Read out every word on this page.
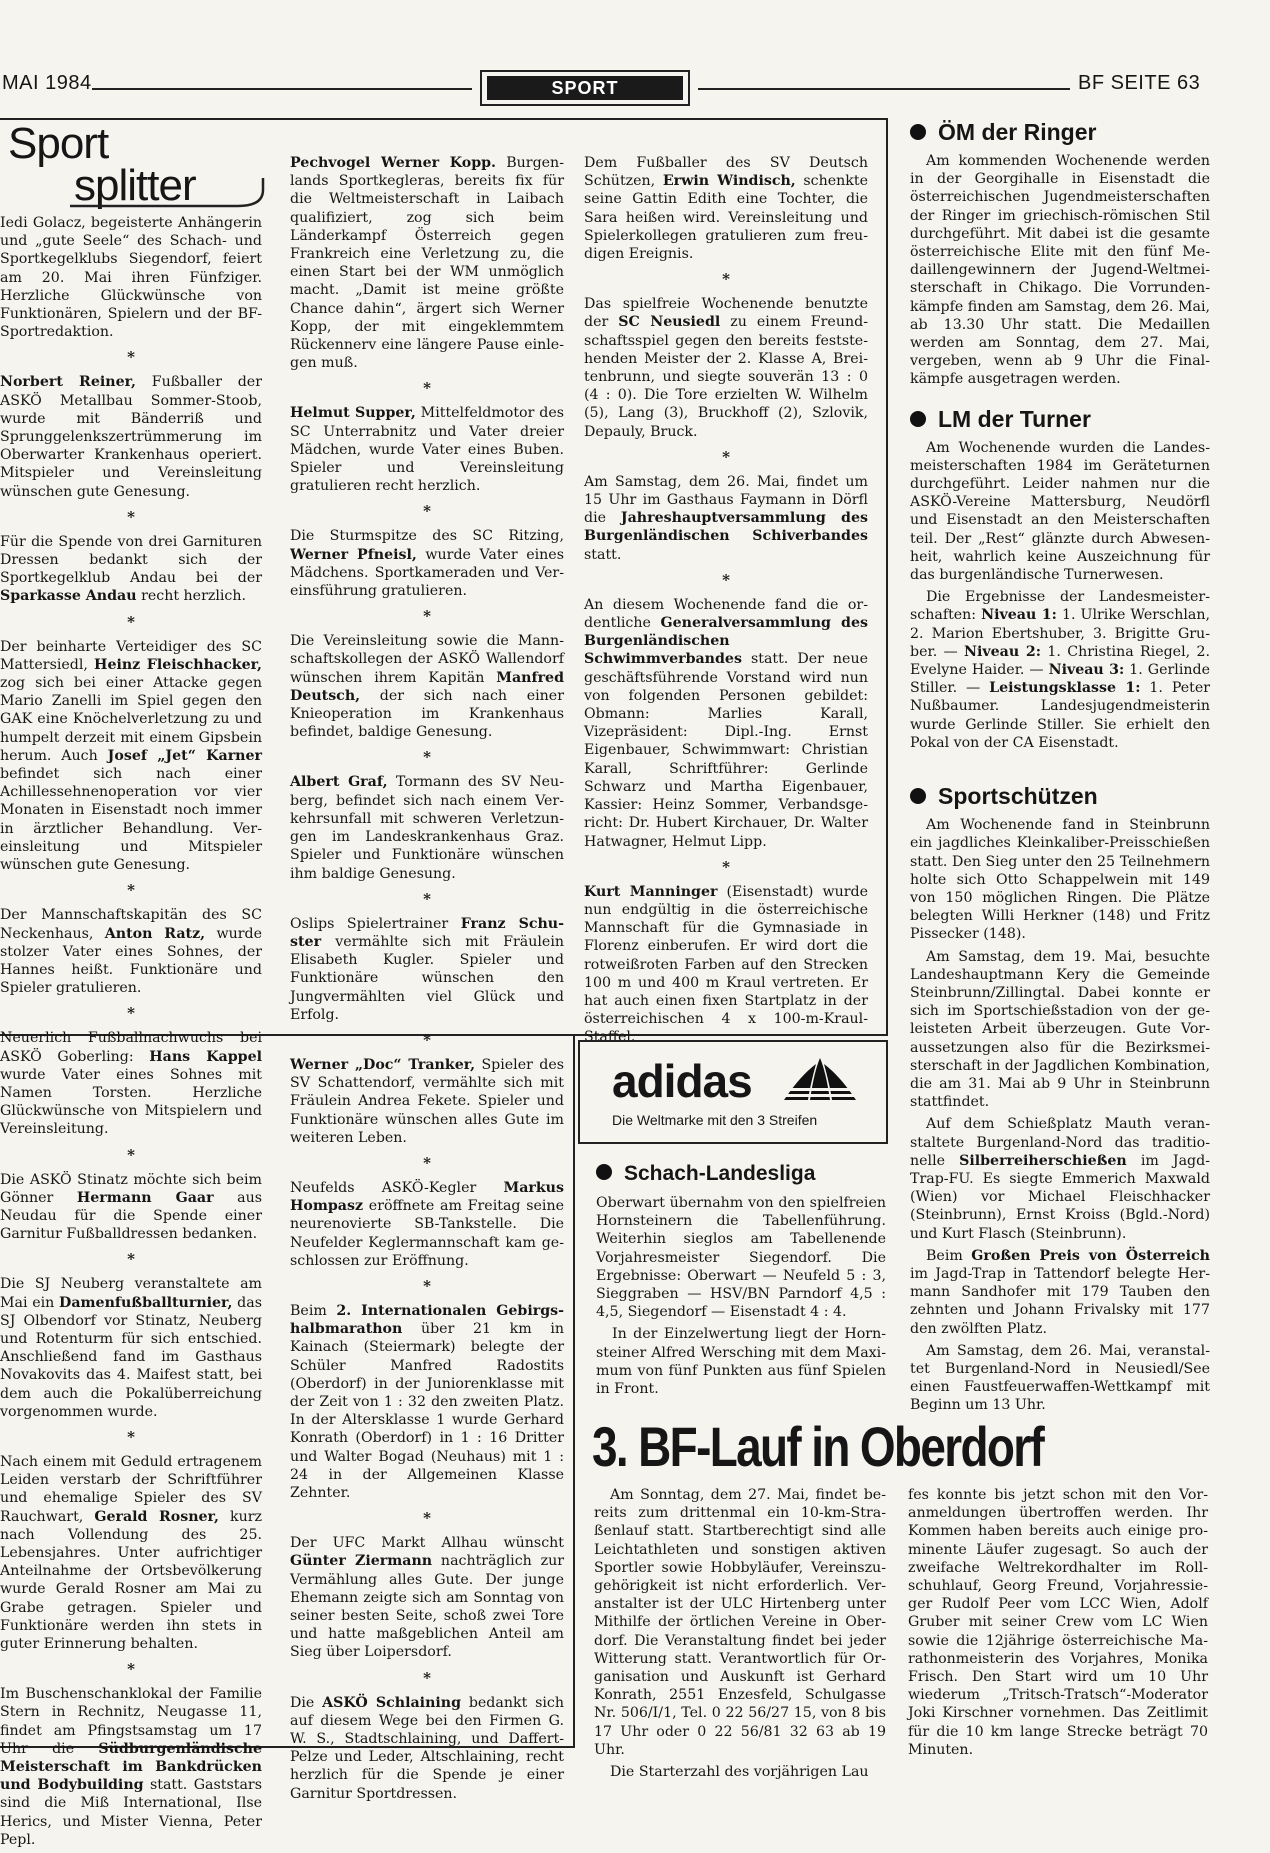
MAI 1984	SPORT	BF SEITE 63
Sport
splitter

Iedi Golacz, begeisterte Anhängerin und „gute Seele“ des Schach- und Sportkegelklubs Siegendorf, feiert am 20. Mai ihren Fünfziger. Herzliche Glückwünsche von Funktionären, Spielern und der BF-Sportredaktion.

*

Norbert Reiner, Fußballer der ASKÖ Metallbau Sommer-Stoob, wurde mit Bänderriß und Sprunggelenkszertrümmerung im Oberwarter Krankenhaus operiert. Mitspieler und Vereinsleitung wünschen gute Genesung.

*

Für die Spende von drei Garnituren Dressen bedankt sich der Sportkegelklub Andau bei der Sparkasse Andau recht herzlich.

*

Der beinharte Verteidiger des SC Mattersiedl, Heinz Fleischhacker, zog sich bei einer Attacke gegen Mario Zanelli im Spiel gegen den GAK eine Knöchelverletzung zu und humpelt derzeit mit einem Gipsbein herum. Auch Josef „Jet“ Karner befindet sich nach einer Achillessehnenoperation vor vier Monaten in Eisenstadt noch immer in ärztlicher Behandlung. Vereinsleitung und Mitspieler wünschen gute Genesung.

*

Der Mannschaftskapitän des SC Neckenhaus, Anton Ratz, wurde stolzer Vater eines Sohnes, der Hannes heißt. Funktionäre und Spieler gratulieren.

*

Neuerlich Fußballnachwuchs bei ASKÖ Goberling: Hans Kappel wurde Vater eines Sohnes mit Namen Torsten. Herzliche Glückwünsche von Mitspielern und Vereinsleitung.

*

Die ASKÖ Stinatz möchte sich beim Gönner Hermann Gaar aus Neudau für die Spende einer Garnitur Fußballdressen bedanken.

*

Die SJ Neuberg veranstaltete am Mai ein Damenfußballturnier, das SJ Olbendorf vor Stinatz, Neuberg und Rotenturm für sich entschied. Anschließend fand im Gasthaus Novakovits das 4. Maifest statt, bei dem auch die Pokalüberreichung vorgenommen wurde.

*

Nach einem mit Geduld ertragenem Leiden verstarb der Schriftführer und ehemalige Spieler des SV Rauchwart, Gerald Rosner, kurz nach Vollendung des 25. Lebensjahres. Unter aufrichtiger Anteilnahme der Ortsbevölkerung wurde Gerald Rosner am Mai zu Grabe getragen. Spieler und Funktionäre werden ihn stets in guter Erinnerung behalten.

*

Im Buschenschanklokal der Familie Stern in Rechnitz, Neugasse 11, findet am Pfingstsamstag um 17 Uhr die Südburgenländische Meisterschaft im Bankdrücken und Bodybuilding statt. Gaststars sind die Miß International, Ilse Herics, und Mister Vienna, Peter Pepl.

Pechvogel Werner Kopp. Burgenlands Sportkegleras, bereits fix für die Weltmeisterschaft in Laibach qualifiziert, zog sich beim Länderkampf Österreich gegen Frankreich eine Verletzung zu, die einen Start bei der WM unmöglich macht. „Damit ist meine größte Chance dahin“, ärgert sich Werner Kopp, der mit eingeklemmtem Rückennerv eine längere Pause einlegen muß.

*

Helmut Supper, Mittelfeldmotor des SC Unterrabnitz und Vater dreier Mädchen, wurde Vater eines Buben. Spieler und Vereinsleitung gratulieren recht herzlich.

*

Die Sturmspitze des SC Ritzing, Werner Pfneisl, wurde Vater eines Mädchens. Sportkameraden und Vereinsführung gratulieren.

*

Die Vereinsleitung sowie die Mannschaftskollegen der ASKÖ Wallendorf wünschen ihrem Kapitän Manfred Deutsch, der sich nach einer Knieoperation im Krankenhaus befindet, baldige Genesung.

*

Albert Graf, Tormann des SV Neuberg, befindet sich nach einem Verkehrsunfall mit schweren Verletzungen im Landeskrankenhaus Graz. Spieler und Funktionäre wünschen ihm baldige Genesung.

*

Oslips Spielertrainer Franz Schuster vermählte sich mit Fräulein Elisabeth Kugler. Spieler und Funktionäre wünschen den Jungvermählten viel Glück und Erfolg.

*

Werner „Doc“ Tranker, Spieler des SV Schattendorf, vermählte sich mit Fräulein Andrea Fekete. Spieler und Funktionäre wünschen alles Gute im weiteren Leben.

*

Neufelds ASKÖ-Kegler Markus Hompasz eröffnete am Freitag seine neurenovierte SB-Tankstelle. Die Neufelder Keglermannschaft kam geschlossen zur Eröffnung.

*

Beim 2. Internationalen Gebirgshalbmarathon über 21 km in Kainach (Steiermark) belegte der Schüler Manfred Radostits (Oberdorf) in der Juniorenklasse mit der Zeit von 1 : 32 den zweiten Platz. In der Altersklasse 1 wurde Gerhard Konrath (Oberdorf) in 1 : 16 Dritter und Walter Bogad (Neuhaus) mit 1 : 24 in der Allgemeinen Klasse Zehnter.

*

Der UFC Markt Allhau wünscht Günter Ziermann nachträglich zur Vermählung alles Gute. Der junge Ehemann zeigte sich am Sonntag von seiner besten Seite, schoß zwei Tore und hatte maßgeblichen Anteil am Sieg über Loipersdorf.

*

Die ASKÖ Schlaining bedankt sich auf diesem Wege bei den Firmen G. W. S., Stadtschlaining, und Daffert-Pelze und Leder, Altschlaining, recht herzlich für die Spende je einer Garnitur Sportdressen.

Dem Fußballer des SV Deutsch Schützen, Erwin Windisch, schenkte seine Gattin Edith eine Tochter, die Sara heißen wird. Vereinsleitung und Spielerkollegen gratulieren zum freudigen Ereignis.

*

Das spielfreie Wochenende benutzte der SC Neusiedl zu einem Freundschaftsspiel gegen den bereits feststehenden Meister der 2. Klasse A, Breitenbrunn, und siegte souverän 13 : 0 (4 : 0). Die Tore erzielten W. Wilhelm (5), Lang (3), Bruckhoff (2), Szlovik, Depauly, Bruck.

*

Am Samstag, dem 26. Mai, findet um 15 Uhr im Gasthaus Faymann in Dörfl die Jahreshauptversammlung des Burgenländischen Schiverbandes statt.

*

An diesem Wochenende fand die ordentliche Generalversammlung des Burgenländischen Schwimmverbandes statt. Der neue geschäftsführende Vorstand wird nun von folgenden Personen gebildet: Obmann: Marlies Karall, Vizepräsident: Dipl.-Ing. Ernst Eigenbauer, Schwimmwart: Christian Karall, Schriftführer: Gerlinde Schwarz und Martha Eigenbauer, Kassier: Heinz Sommer, Verbandsgericht: Dr. Hubert Kirchauer, Dr. Walter Hatwagner, Helmut Lipp.

*

Kurt Manninger (Eisenstadt) wurde nun endgültig in die österreichische Mannschaft für die Gymnasiade in Florenz einberufen. Er wird dort die rotweißroten Farben auf den Strecken 100 m und 400 m Kraul vertreten. Er hat auch einen fixen Startplatz in der österreichischen 4 x 100-m-Kraul-Staffel.

adidas
Die Weltmarke mit den 3 Streifen
Schach-Landesliga

Oberwart übernahm von den spielfreien Hornsteinern die Tabellenführung. Weiterhin sieglos am Tabellenende Vorjahresmeister Siegendorf. Die Ergebnisse: Oberwart — Neufeld 5 : 3, Sieggraben — HSV/BN Parndorf 4,5 : 4,5, Siegendorf — Eisenstadt 4 : 4.

In der Einzelwertung liegt der Hornsteiner Alfred Wersching mit dem Maximum von fünf Punkten aus fünf Spielen in Front.

ÖM der Ringer

Am kommenden Wochenende werden in der Georgihalle in Eisenstadt die österreichischen Jugendmeisterschaften der Ringer im griechisch-römischen Stil durchgeführt. Mit dabei ist die gesamte österreichische Elite mit den fünf Medaillengewinnern der Jugend-Weltmeisterschaft in Chikago. Die Vorrundenkämpfe finden am Samstag, dem 26. Mai, ab 13.30 Uhr statt. Die Medaillen werden am Sonntag, dem 27. Mai, vergeben, wenn ab 9 Uhr die Finalkämpfe ausgetragen werden.

LM der Turner

Am Wochenende wurden die Landesmeisterschaften 1984 im Geräteturnen durchgeführt. Leider nahmen nur die ASKÖ-Vereine Mattersburg, Neudörfl und Eisenstadt an den Meisterschaften teil. Der „Rest“ glänzte durch Abwesenheit, wahrlich keine Auszeichnung für das burgenländische Turnerwesen.

Die Ergebnisse der Landesmeisterschaften: Niveau 1: 1. Ulrike Werschlan, 2. Marion Ebertshuber, 3. Brigitte Gruber. — Niveau 2: 1. Christina Riegel, 2. Evelyne Haider. — Niveau 3: 1. Gerlinde Stiller. — Leistungsklasse 1: 1. Peter Nußbaumer. Landesjugendmeisterin wurde Gerlinde Stiller. Sie erhielt den Pokal von der CA Eisenstadt.

Sportschützen

Am Wochenende fand in Steinbrunn ein jagdliches Kleinkaliber-Preisschießen statt. Den Sieg unter den 25 Teilnehmern holte sich Otto Schappelwein mit 149 von 150 möglichen Ringen. Die Plätze belegten Willi Herkner (148) und Fritz Pissecker (148).

Am Samstag, dem 19. Mai, besuchte Landeshauptmann Kery die Gemeinde Steinbrunn/Zillingtal. Dabei konnte er sich im Sportschießstadion von der geleisteten Arbeit überzeugen. Gute Voraussetzungen also für die Bezirksmeisterschaft in der Jagdlichen Kombination, die am 31. Mai ab 9 Uhr in Steinbrunn stattfindet.

Auf dem Schießplatz Mauth veranstaltete Burgenland-Nord das traditionelle Silberreiherschießen im Jagd-Trap-FU. Es siegte Emmerich Maxwald (Wien) vor Michael Fleischhacker (Steinbrunn), Ernst Kroiss (Bgld.-Nord) und Kurt Flasch (Steinbrunn).

Beim Großen Preis von Österreich im Jagd-Trap in Tattendorf belegte Hermann Sandhofer mit 179 Tauben den zehnten und Johann Frivalsky mit 177 den zwölften Platz.

Am Samstag, dem 26. Mai, veranstaltet Burgenland-Nord in Neusiedl/See einen Faustfeuerwaffen-Wettkampf mit Beginn um 13 Uhr.

3. BF-Lauf in Oberdorf

Am Sonntag, dem 27. Mai, findet bereits zum drittenmal ein 10-km-Straßenlauf statt. Startberechtigt sind alle Leichtathleten und sonstigen aktiven Sportler sowie Hobbyläufer, Vereinszugehörigkeit ist nicht erforderlich. Veranstalter ist der ULC Hirtenberg unter Mithilfe der örtlichen Vereine in Oberdorf. Die Veranstaltung findet bei jeder Witterung statt. Verantwortlich für Organisation und Auskunft ist Gerhard Konrath, 2551 Enzesfeld, Schulgasse Nr. 506/I/1, Tel. 0 22 56/27 15, von 8 bis 17 Uhr oder 0 22 56/81 32 63 ab 19 Uhr.

Die Starterzahl des vorjährigen Lau

fes konnte bis jetzt schon mit den Voranmeldungen übertroffen werden. Ihr Kommen haben bereits auch einige prominente Läufer zugesagt. So auch der zweifache Weltrekordhalter im Rollschuhlauf, Georg Freund, Vorjahressieger Rudolf Peer vom LCC Wien, Adolf Gruber mit seiner Crew vom LC Wien sowie die 12jährige österreichische Marathonmeisterin des Vorjahres, Monika Frisch. Den Start wird um 10 Uhr wiederum „Tritsch-Tratsch“-Moderator Joki Kirschner vornehmen. Das Zeitlimit für die 10 km lange Strecke beträgt 70 Minuten.
